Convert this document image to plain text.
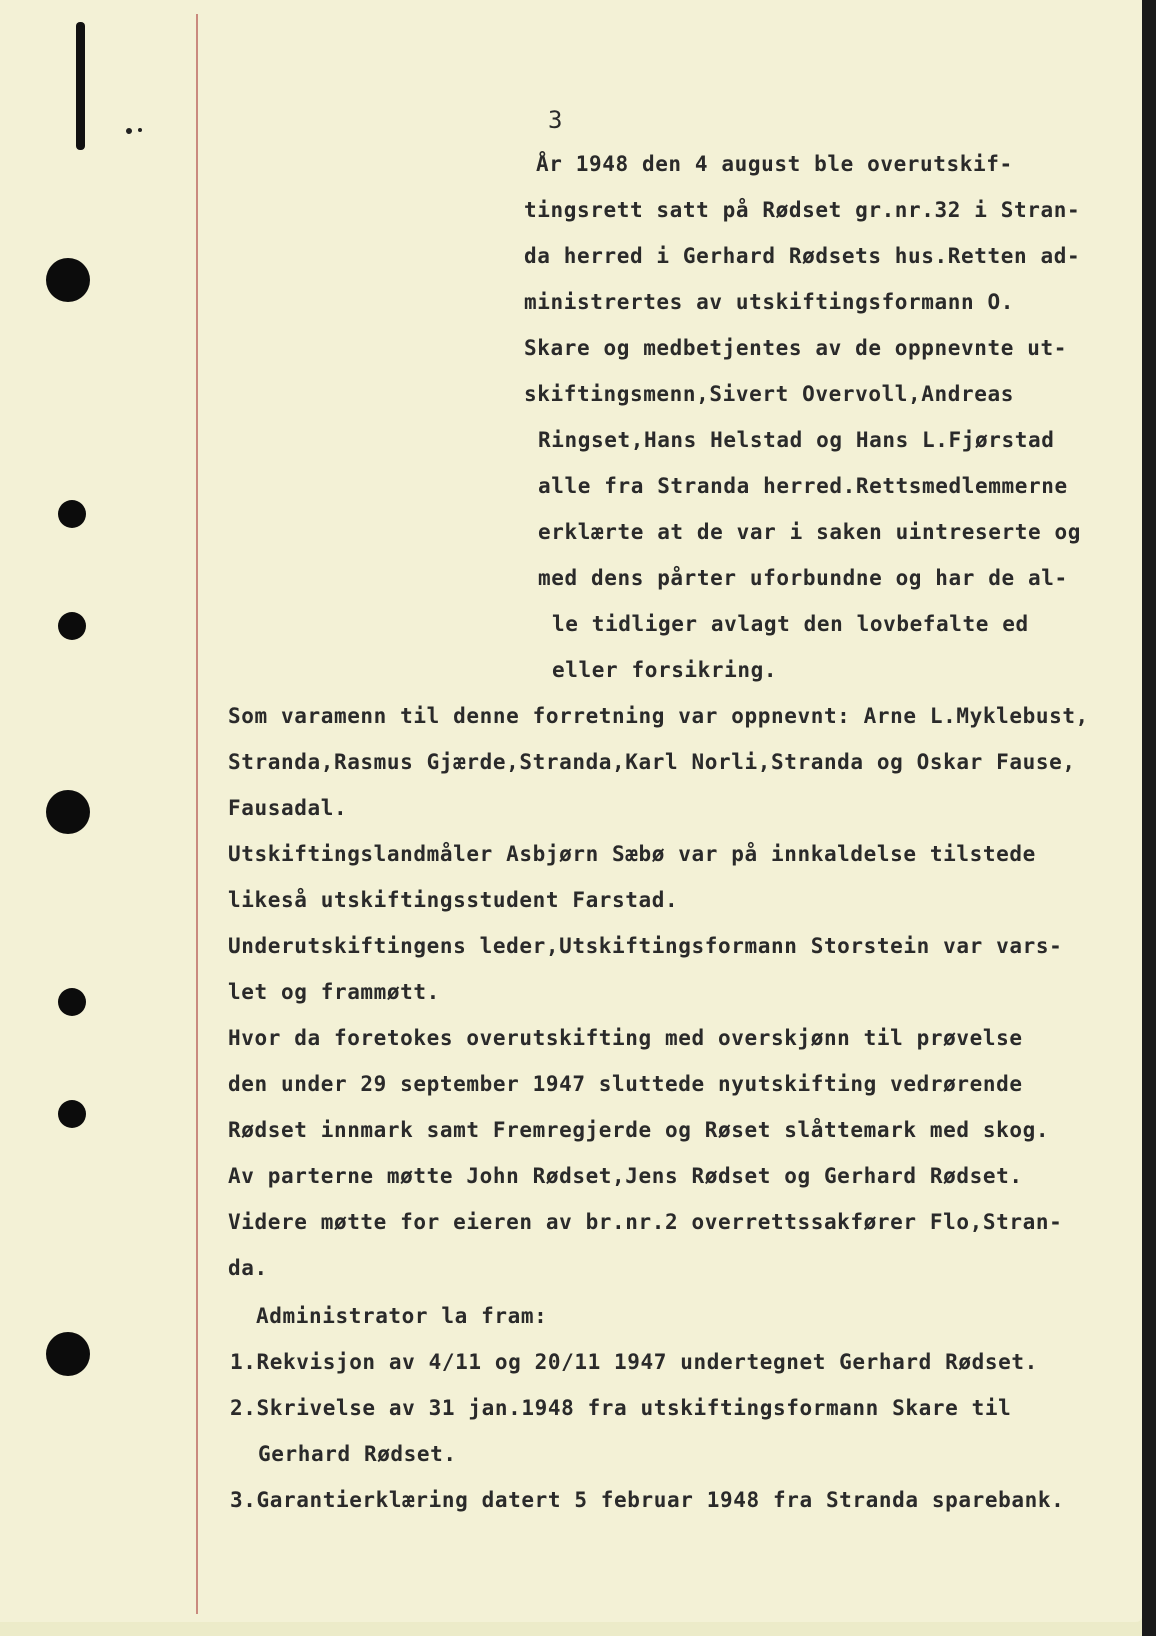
3
År 1948 den 4 august ble overutskif-
tingsrett satt på Rødset gr.nr.32 i Stran-
da herred i Gerhard Rødsets hus.Retten ad-
ministrertes av utskiftingsformann O.
Skare og medbetjentes av de oppnevnte ut-
skiftingsmenn,Sivert Overvoll,Andreas
Ringset,Hans Helstad og Hans L.Fjørstad
alle fra Stranda herred.Rettsmedlemmerne
erklærte at de var i saken uintreserte og
med dens pårter uforbundne og har de al-
le tidliger avlagt den lovbefalte ed
eller forsikring.
Som varamenn til denne forretning var oppnevnt: Arne L.Myklebust,
Stranda,Rasmus Gjærde,Stranda,Karl Norli,Stranda og Oskar Fause,
Fausadal.
Utskiftingslandmåler Asbjørn Sæbø var på innkaldelse tilstede
likeså utskiftingsstudent Farstad.
Underutskiftingens leder,Utskiftingsformann Storstein var vars-
let og frammøtt.
Hvor da foretokes overutskifting med overskjønn til prøvelse
den under 29 september 1947 sluttede nyutskifting vedrørende
Rødset innmark samt Fremregjerde og Røset slåttemark med skog.
Av parterne møtte John Rødset,Jens Rødset og Gerhard Rødset.
Videre møtte for eieren av br.nr.2 overrettssakfører Flo,Stran-
da.
Administrator la fram:
1.Rekvisjon av 4/11 og 20/11 1947 undertegnet Gerhard Rødset.
2.Skrivelse av 31 jan.1948 fra utskiftingsformann Skare til
Gerhard Rødset.
3.Garantierklæring datert 5 februar 1948 fra Stranda sparebank.
